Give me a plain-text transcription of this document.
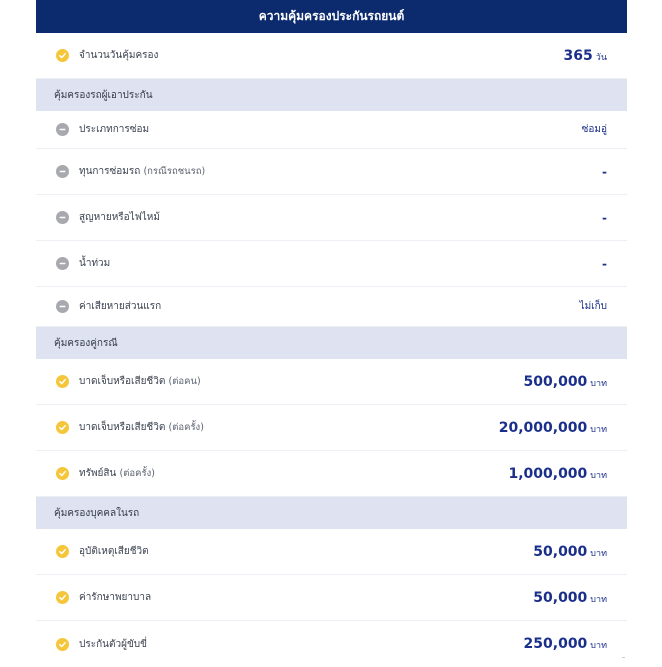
ความคุ้มครองประกันรถยนต์
จำนวนวันคุ้มครอง	365 วัน
คุ้มครองรถผู้เอาประกัน
ประเภทการซ่อม	ซ่อมอู่
ทุนการซ่อมรถ (กรณีรถชนรถ)	-
สูญหายหรือไฟไหม้	-
น้ำท่วม	-
ค่าเสียหายส่วนแรก	ไม่เก็บ
คุ้มครองคู่กรณี
บาดเจ็บหรือเสียชีวิต (ต่อคน)	500,000 บาท
บาดเจ็บหรือเสียชีวิต (ต่อครั้ง)	20,000,000 บาท
ทรัพย์สิน (ต่อครั้ง)	1,000,000 บาท
คุ้มครองบุคคลในรถ
อุบัติเหตุเสียชีวิต	50,000 บาท
ค่ารักษาพยาบาล	50,000 บาท
ประกันตัวผู้ขับขี่	250,000 บาท
